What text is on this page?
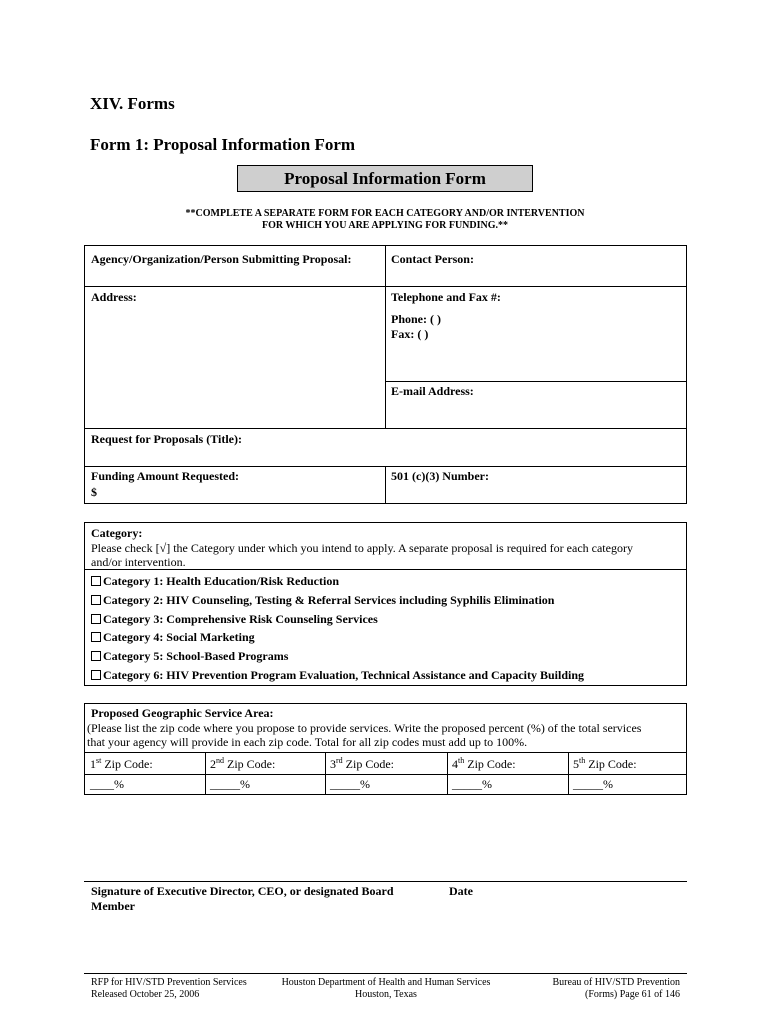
XIV. Forms
Form 1: Proposal Information Form
Proposal Information Form
**COMPLETE A SEPARATE FORM FOR EACH CATEGORY AND/OR INTERVENTION
FOR WHICH YOU ARE APPLYING FOR FUNDING.**
Agency/Organization/Person Submitting Proposal:	Contact Person:
Address:	Telephone and Fax #:
Phone: ( )
Fax: ( )
E-mail Address:
Request for Proposals (Title):
Funding Amount Requested:
$
501 (c)(3) Number:
Category:
Please check [√] the Category under which you intend to apply. A separate proposal is required for each category
and/or intervention.
Category 1: Health Education/Risk Reduction
Category 2: HIV Counseling, Testing & Referral Services including Syphilis Elimination
Category 3: Comprehensive Risk Counseling Services
Category 4: Social Marketing
Category 5: School-Based Programs
Category 6: HIV Prevention Program Evaluation, Technical Assistance and Capacity Building
Proposed Geographic Service Area:
(Please list the zip code where you propose to provide services. Write the proposed percent (%) of the total services
that your agency will provide in each zip code. Total for all zip codes must add up to 100%.
1st Zip Code:	2nd Zip Code:	3rd Zip Code:	4th Zip Code:	5th Zip Code:
____%	_____%	_____%	_____%	_____%
Signature of Executive Director, CEO, or designated Board
Member
Date
RFP for HIV/STD Prevention Services
Released October 25, 2006
Houston Department of Health and Human Services
Houston, Texas
Bureau of HIV/STD Prevention
(Forms) Page 61 of 146
